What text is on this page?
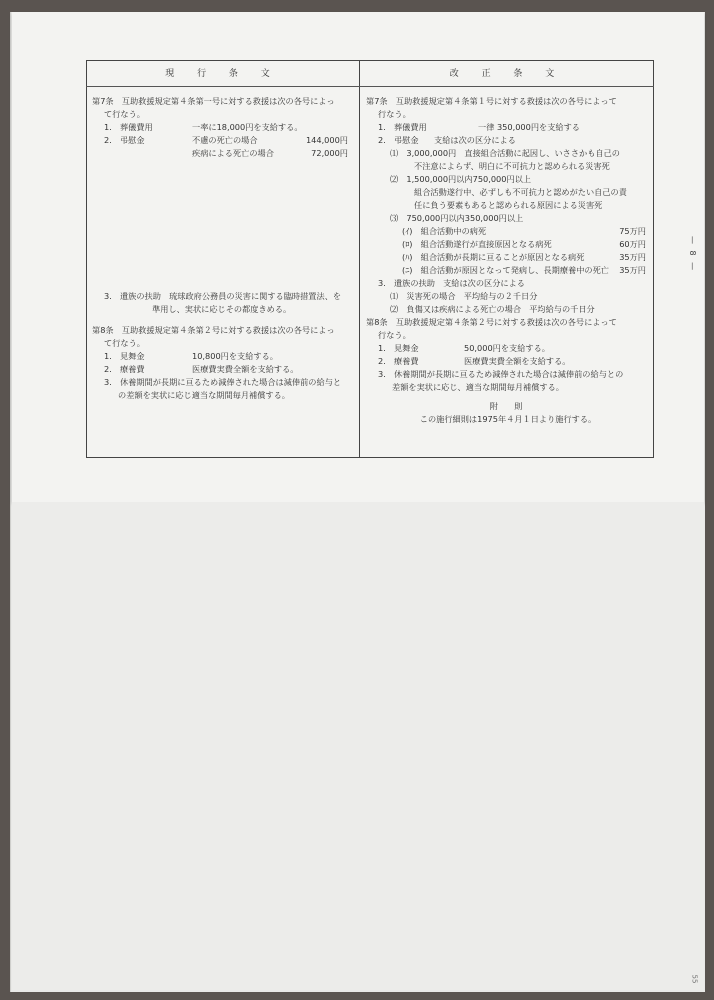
現 行 条 文	改 正 条 文
第7条　互助救援規定第４条第一号に対する救援は次の各号によっ
て行なう。
1.　葬儀費用	一率に18,000円を支給する。
2.　弔慰金	不慮の死亡の場合	144,000円
疾病による死亡の場合	72,000円
3.　遺族の扶助　琉球政府公務員の災害に関する臨時措置法、を
準用し、実状に応じその都度きめる。
第8条　互助救援規定第４条第２号に対する救援は次の各号によっ
て行なう。
1.　見舞金	10,800円を支給する。
2.　療養費	医療費実費全額を支給する。
3.　休養期間が長期に亘るため減俸された場合は減俸前の給与と
の差額を実状に応じ適当な期間毎月補償する。
第7条　互助救援規定第４条第１号に対する救援は次の各号によって
行なう。
1.　葬儀費用	一律 350,000円を支給する
2.　弔慰金	支給は次の区分による
⑴　3,000,000円　直接組合活動に起因し、いささかも自己の
不注意によらず、明白に不可抗力と認められる災害死
⑵　1,500,000円以内750,000円以上
組合活動遂行中、必ずしも不可抗力と認めがたい自己の責
任に負う要素もあると認められる原因による災害死
⑶　750,000円以内350,000円以上
(ｲ)　組合活動中の病死	75万円
(ﾛ)　組合活動遂行が直接原因となる病死	60万円
(ﾊ)　組合活動が長期に亘ることが原因となる病死	35万円
(ﾆ)　組合活動が原因となって発病し、長期療養中の死亡	35万円
3.　遺族の扶助　支給は次の区分による
⑴　災害死の場合　平均給与の２千日分
⑵　負傷又は疾病による死亡の場合　平均給与の千日分
第8条　互助救援規定第４条第２号に対する救援は次の各号によって
行なう。
1.　見舞金	50,000円を支給する。
2.　療養費	医療費実費全額を支給する。
3.　休養期間が長期に亘るため減俸された場合は減俸前の給与との
差額を実状に応じ、適当な期間毎月補償する。
附　則
この施行細則は1975年４月１日より施行する。
— 8 —
55
